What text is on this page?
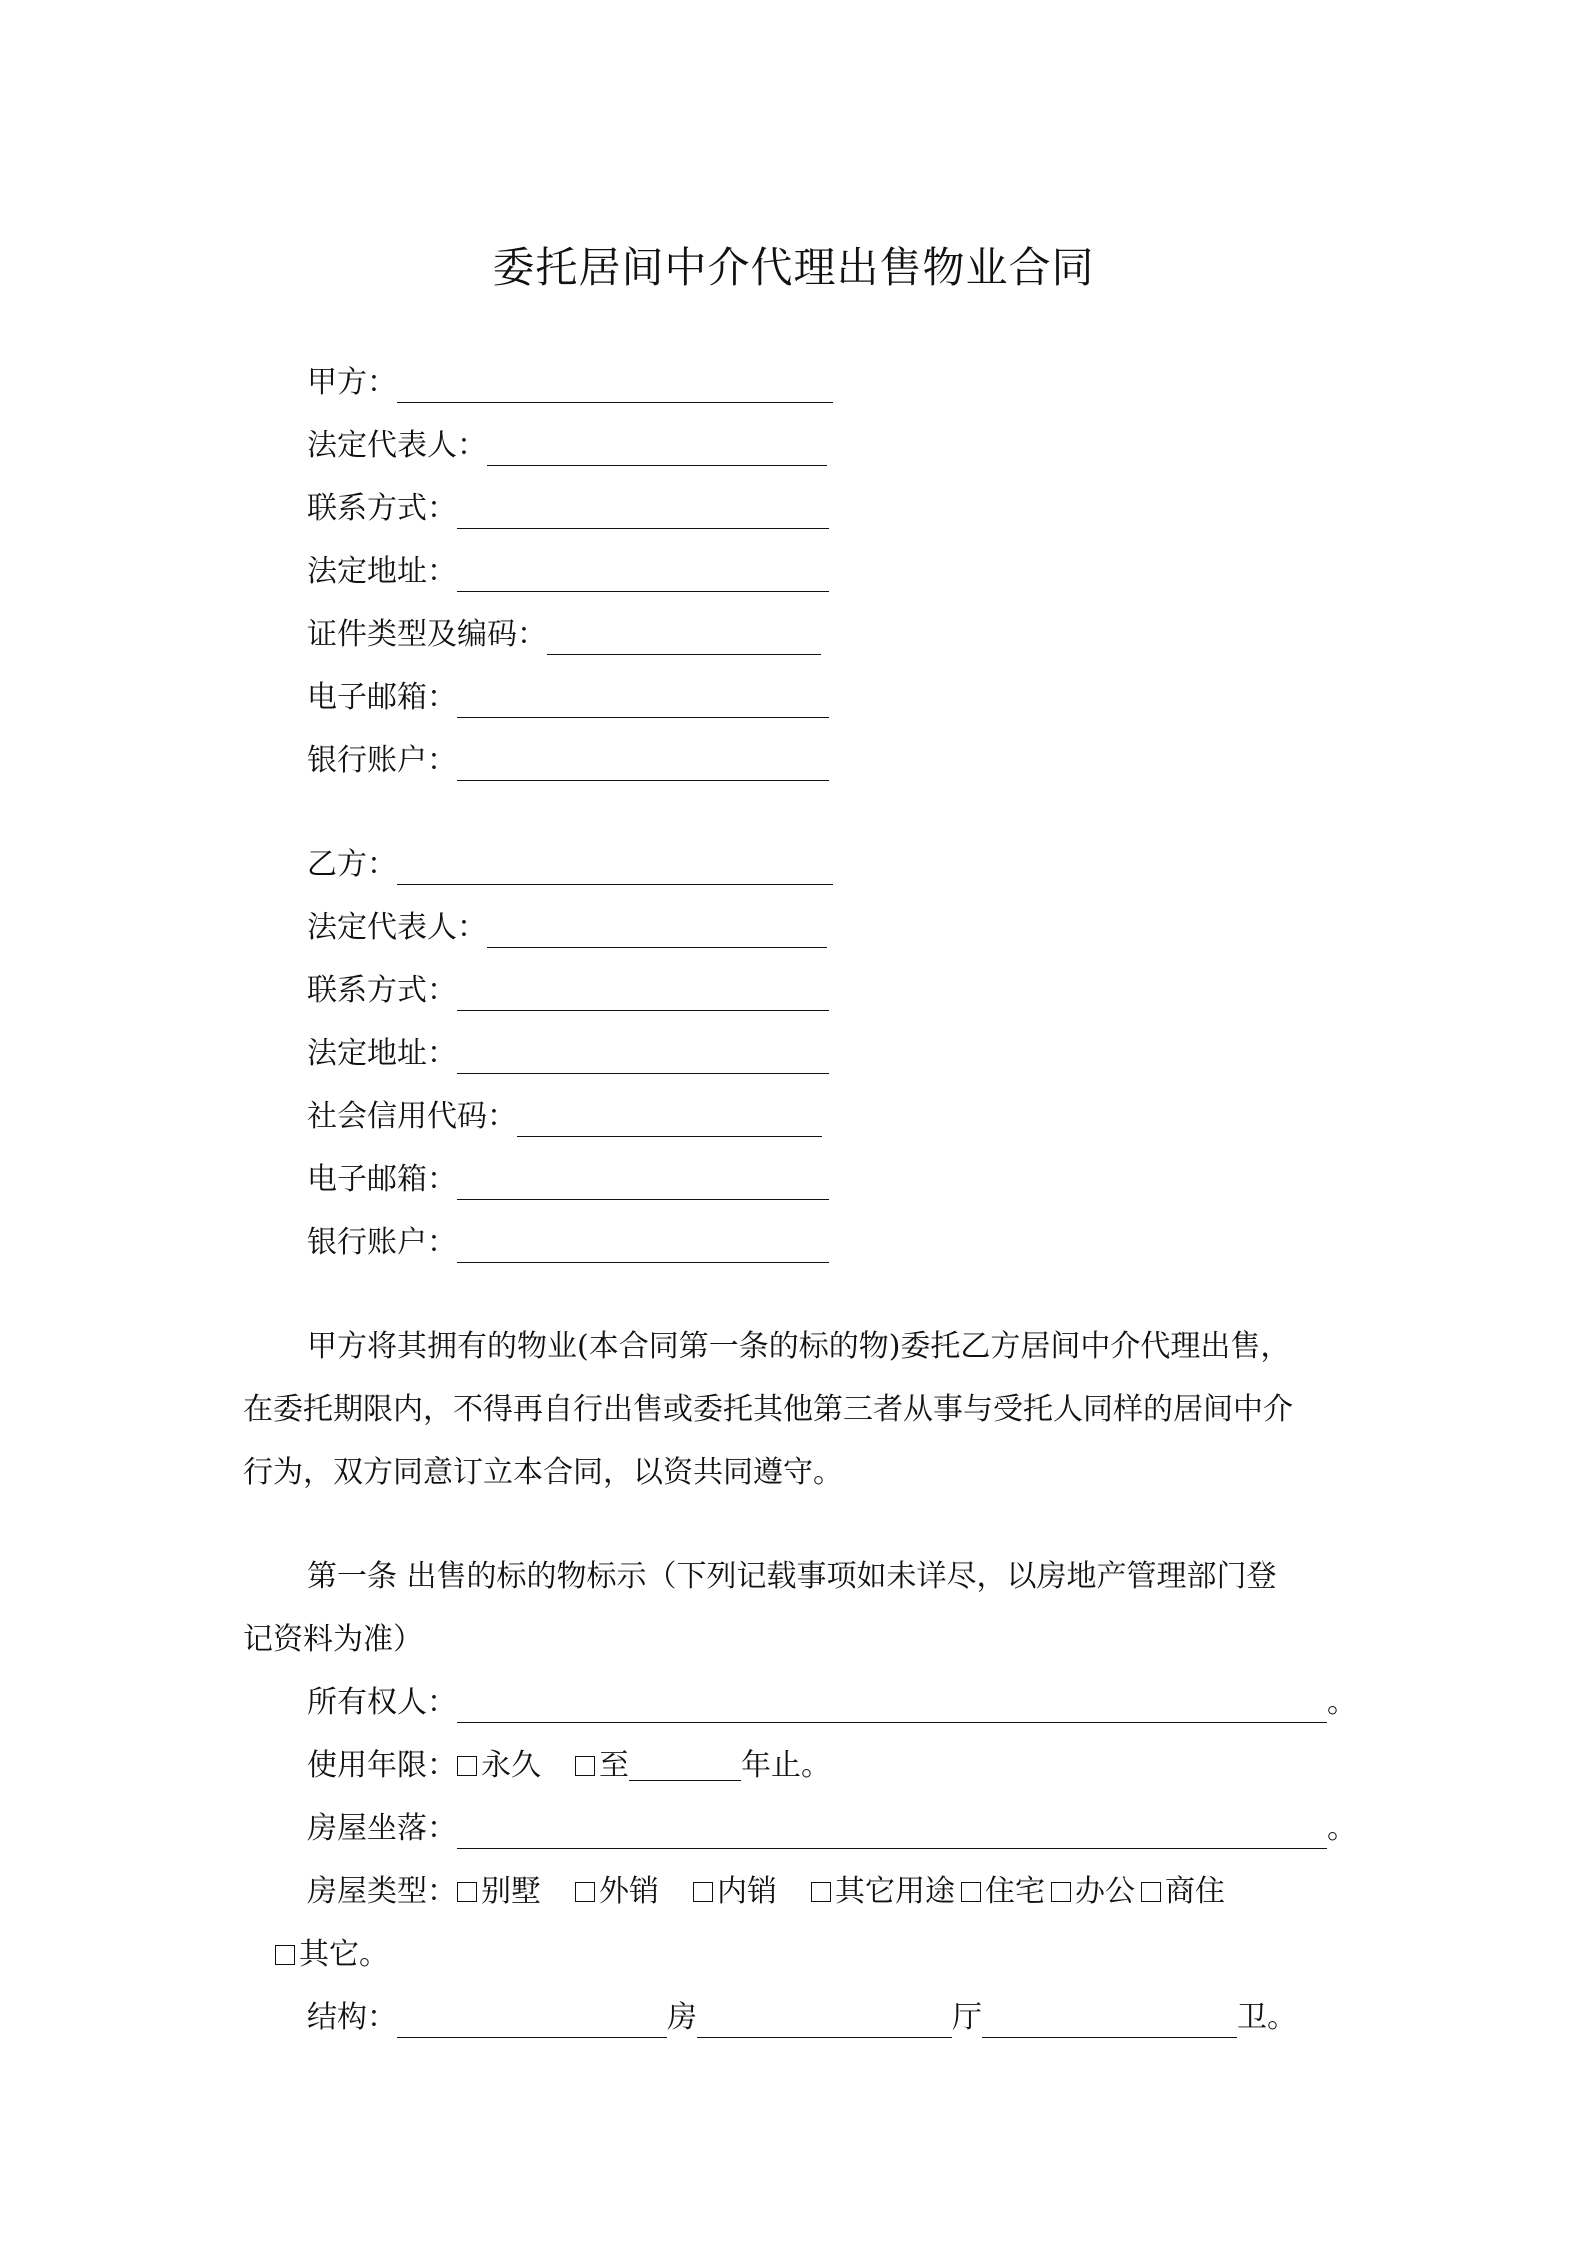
委托居间中介代理出售物业合同
甲方：
法定代表人：
联系方式：
法定地址：
证件类型及编码：
电子邮箱：
银行账户：
乙方：
法定代表人：
联系方式：
法定地址：
社会信用代码：
电子邮箱：
银行账户：
甲方将其拥有的物业(本合同第一条的标的物)委托乙方居间中介代理出售，
在委托期限内，不得再自行出售或委托其他第三者从事与受托人同样的居间中介
行为，双方同意订立本合同，以资共同遵守。
第一条 出售的标的物标示（下列记载事项如未详尽，以房地产管理部门登
记资料为准）
所有权人：	。
使用年限： 永久 至	年止。
房屋坐落：	。
房屋类型： 别墅 外销 内销 其它用途 住宅 办公 商住
其它。
结构：	房	厅	卫。
